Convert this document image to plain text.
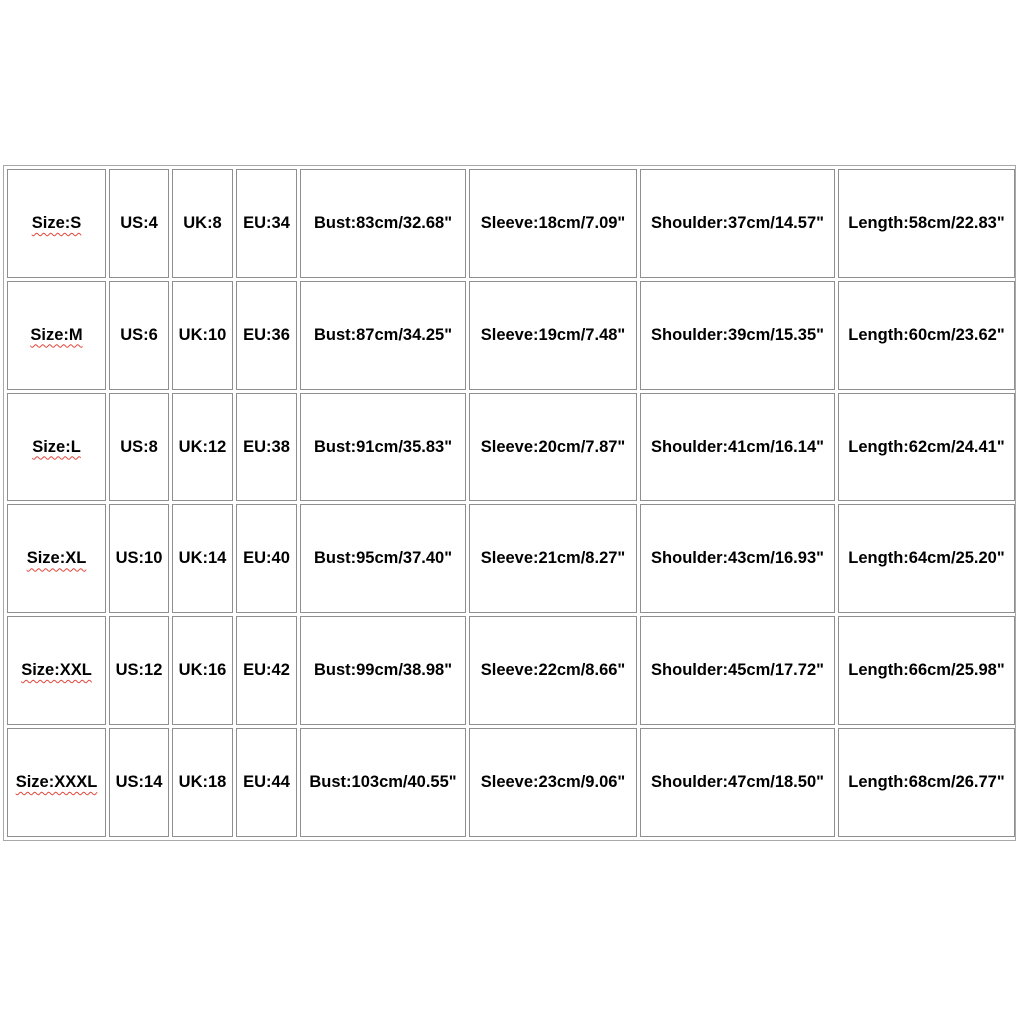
Size:S	US:4	UK:8	EU:34	Bust:83cm/32.68"	Sleeve:18cm/7.09"	Shoulder:37cm/14.57"	Length:58cm/22.83"
Size:M	US:6	UK:10	EU:36	Bust:87cm/34.25"	Sleeve:19cm/7.48"	Shoulder:39cm/15.35"	Length:60cm/23.62"
Size:L	US:8	UK:12	EU:38	Bust:91cm/35.83"	Sleeve:20cm/7.87"	Shoulder:41cm/16.14"	Length:62cm/24.41"
Size:XL	US:10	UK:14	EU:40	Bust:95cm/37.40"	Sleeve:21cm/8.27"	Shoulder:43cm/16.93"	Length:64cm/25.20"
Size:XXL	US:12	UK:16	EU:42	Bust:99cm/38.98"	Sleeve:22cm/8.66"	Shoulder:45cm/17.72"	Length:66cm/25.98"
Size:XXXL	US:14	UK:18	EU:44	Bust:103cm/40.55"	Sleeve:23cm/9.06"	Shoulder:47cm/18.50"	Length:68cm/26.77"
